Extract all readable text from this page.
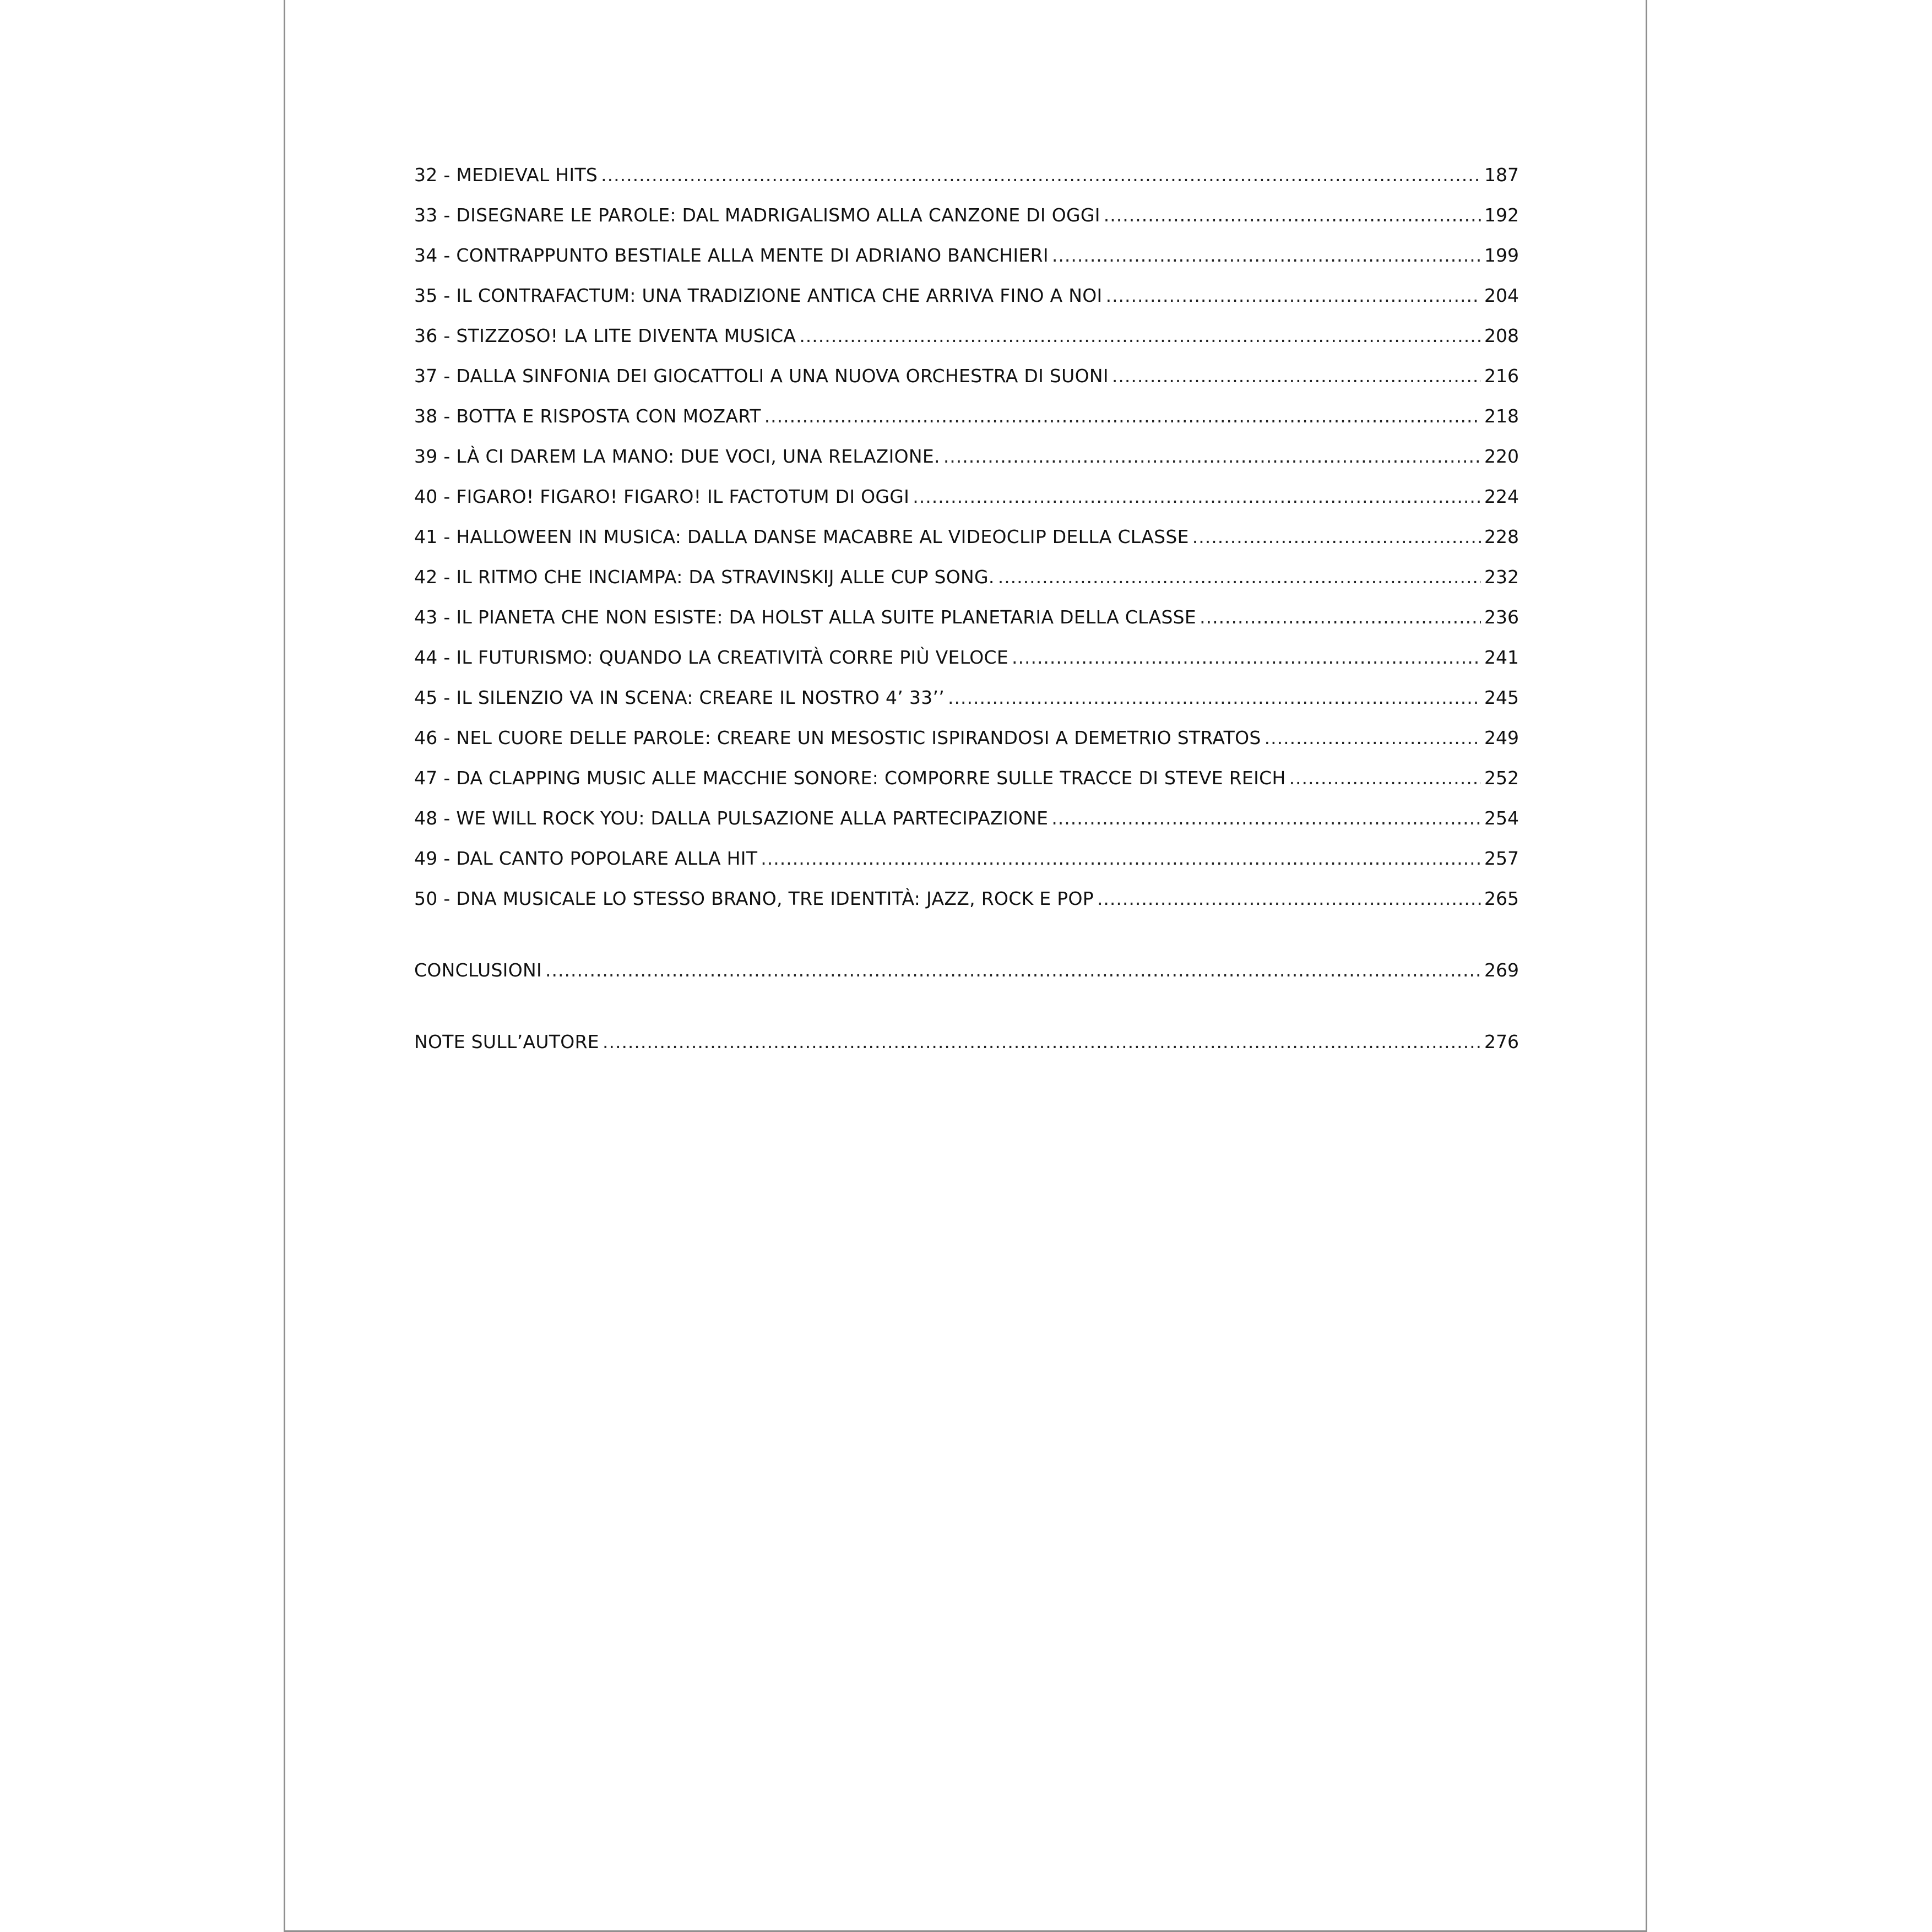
32 - MEDIEVAL HITS .....	187
33 - DISEGNARE LE PAROLE: DAL MADRIGALISMO ALLA CANZONE DI OGGI .....	192
34 - CONTRAPPUNTO BESTIALE ALLA MENTE DI ADRIANO BANCHIERI .....	199
35 - IL CONTRAFACTUM: UNA TRADIZIONE ANTICA CHE ARRIVA FINO A NOI .....	204
36 - STIZZOSO! LA LITE DIVENTA MUSICA .....	208
37 - DALLA SINFONIA DEI GIOCATTOLI A UNA NUOVA ORCHESTRA DI SUONI .....	216
38 - BOTTA E RISPOSTA CON MOZART .....	218
39 - LÀ CI DAREM LA MANO: DUE VOCI, UNA RELAZIONE. .....	220
40 - FIGARO! FIGARO! FIGARO! IL FACTOTUM DI OGGI .....	224
41 - HALLOWEEN IN MUSICA: DALLA DANSE MACABRE AL VIDEOCLIP DELLA CLASSE .....	228
42 - IL RITMO CHE INCIAMPA: DA STRAVINSKIJ ALLE CUP SONG. .....	232
43 - IL PIANETA CHE NON ESISTE: DA HOLST ALLA SUITE PLANETARIA DELLA CLASSE .....	236
44 - IL FUTURISMO: QUANDO LA CREATIVITÀ CORRE PIÙ VELOCE .....	241
45 - IL SILENZIO VA IN SCENA: CREARE IL NOSTRO 4’ 33’’ .....	245
46 - NEL CUORE DELLE PAROLE: CREARE UN MESOSTIC ISPIRANDOSI A DEMETRIO STRATOS .....	249
47 - DA CLAPPING MUSIC ALLE MACCHIE SONORE: COMPORRE SULLE TRACCE DI STEVE REICH .....	252
48 - WE WILL ROCK YOU: DALLA PULSAZIONE ALLA PARTECIPAZIONE .....	254
49 - DAL CANTO POPOLARE ALLA HIT .....	257
50 - DNA MUSICALE LO STESSO BRANO, TRE IDENTITÀ: JAZZ, ROCK E POP .....	265
CONCLUSIONI .....	269
NOTE SULL’AUTORE .....	276
